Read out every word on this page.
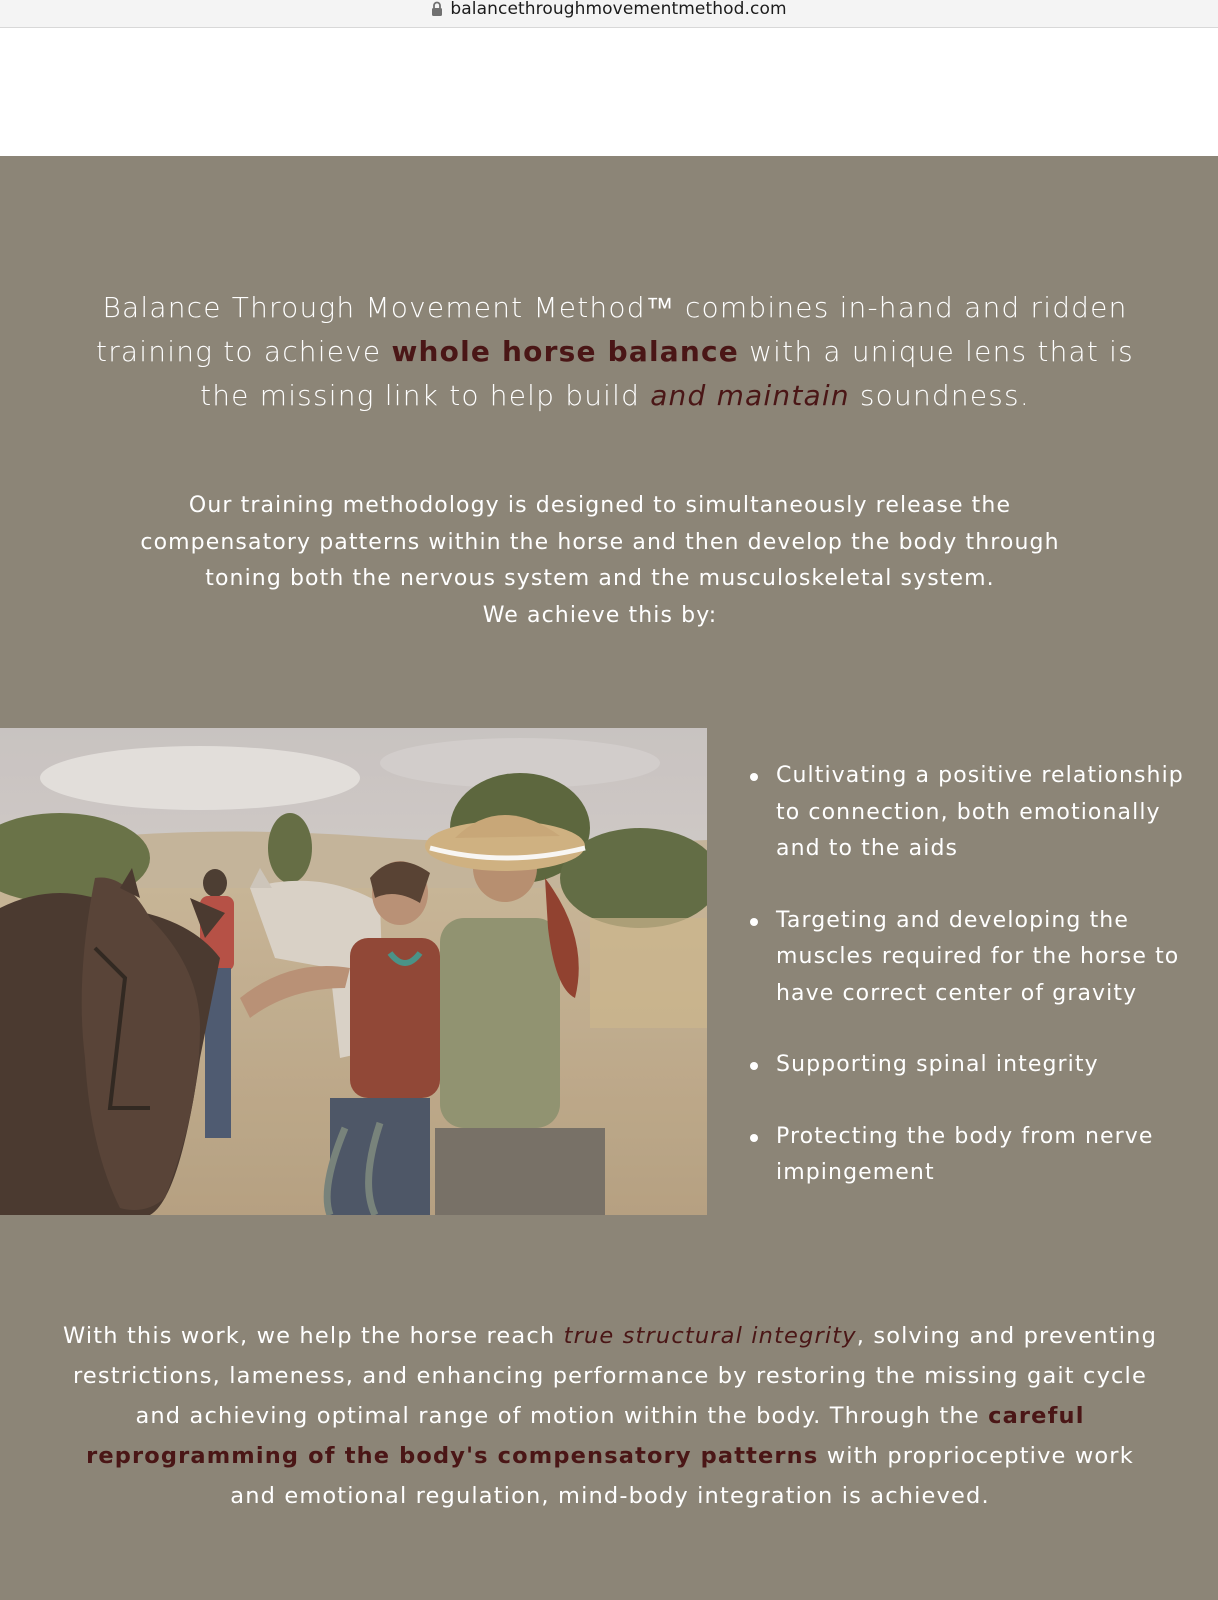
balancethroughmovementmethod.com

Balance Through Movement Method™ combines in-hand and ridden training to achieve whole horse balance with a unique lens that is the missing link to help build and maintain soundness.

Our training methodology is designed to simultaneously release the
compensatory patterns within the horse and then develop the body through
toning both the nervous system and the musculoskeletal system.
We achieve this by:
Cultivating a positive relationship to connection, both emotionally and to the aids
Targeting and developing the muscles required for the horse to have correct center of gravity
Supporting spinal integrity
Protecting the body from nerve impingement

With this work, we help the horse reach true structural integrity, solving and preventing restrictions, lameness, and enhancing performance by restoring the missing gait cycle and achieving optimal range of motion within the body. Through the careful reprogramming of the body's compensatory patterns with proprioceptive work and emotional regulation, mind-body integration is achieved.
